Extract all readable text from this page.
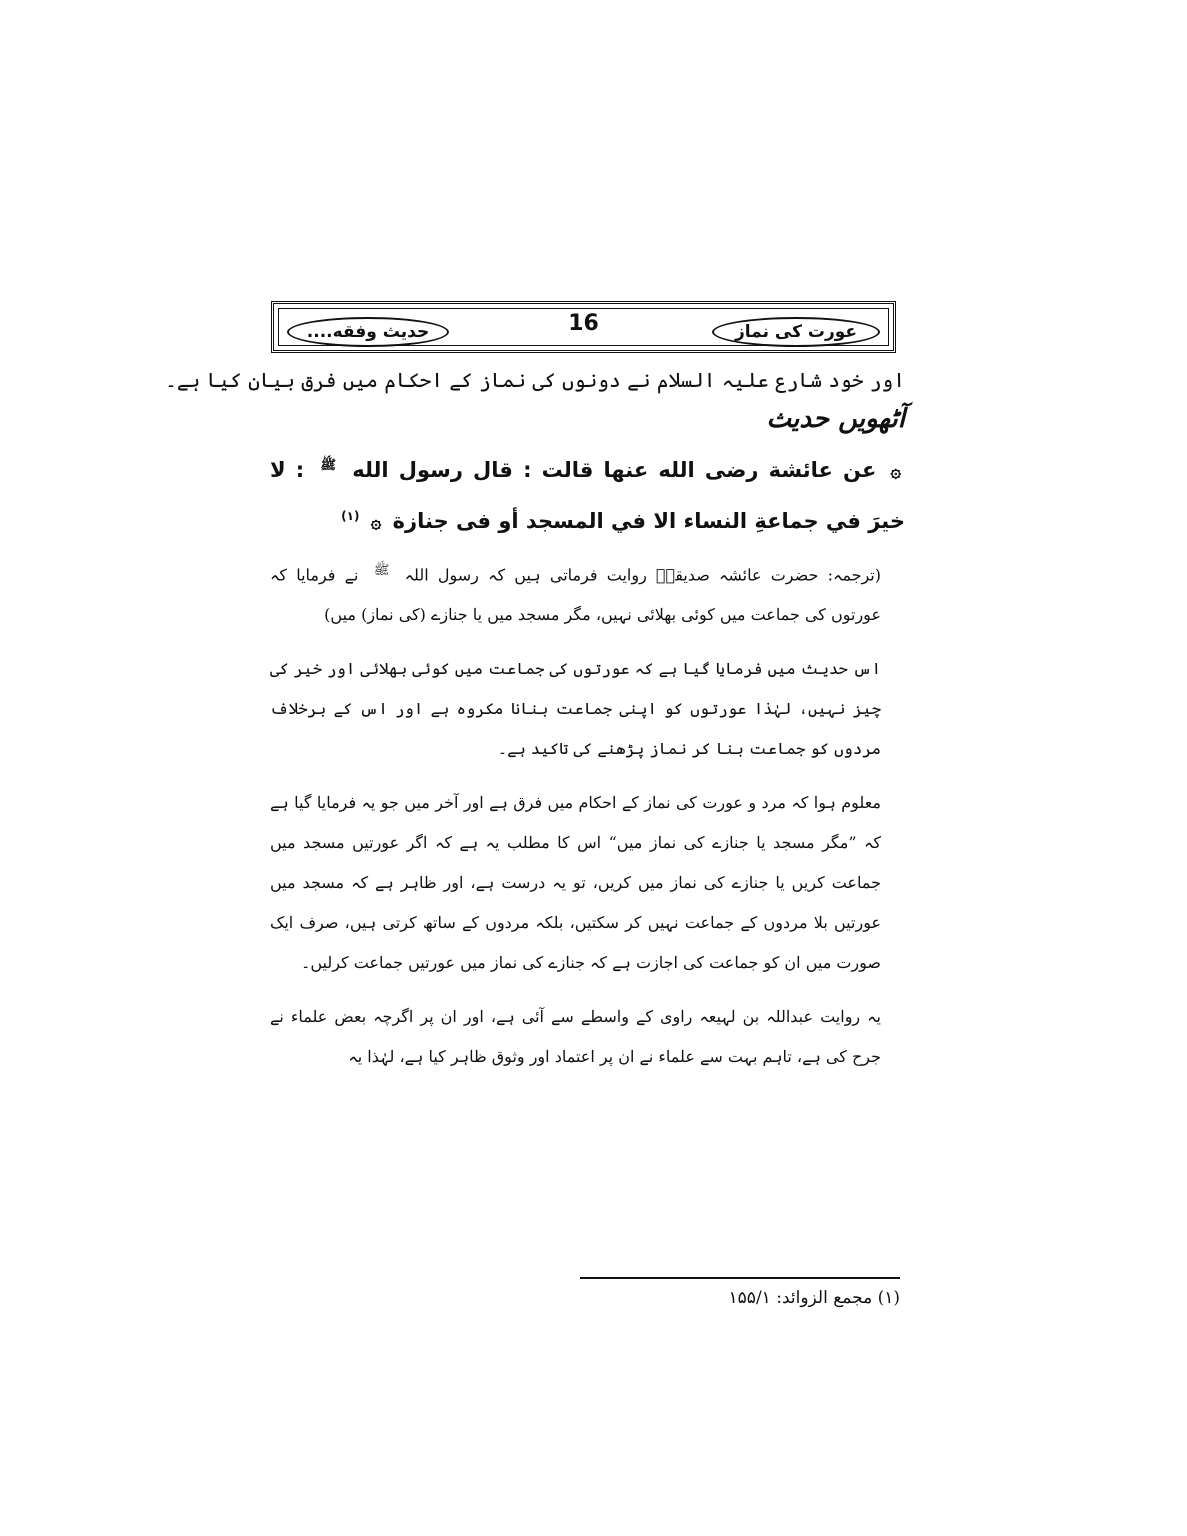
حدیث وفقه....	16	عورت کی نماز
اور خود شارع علیہ السلام نے دونوں کی نماز کے احکام میں فرق بیان کیا ہے۔
آٹھویں حدیث
۞ عن عائشة رضى الله عنها قالت : قال رسول الله $^ﷺ$ : لا خيرَ في جماعةِ النساء الا في المسجد أو فى جنازة ۞ $^{(۱)}$
(ترجمہ: حضرت عائشہ صدیقہؓ روایت فرماتی ہیں کہ رسول اللہ $^ﷺ$ نے فرمایا کہ عورتوں کی جماعت میں کوئی بھلائی نہیں، مگر مسجد میں یا جنازے (کی نماز) میں)
اس حدیث میں فرمایا گیا ہے کہ عورتوں کی جماعت میں کوئی بھلائی اور خیر کی چیز نہیں، لہٰذا عورتوں کو اپنی جماعت بنانا مکروہ ہے اور اس کے برخلاف مردوں کو جماعت بنا کر نماز پڑھنے کی تاکید ہے۔
معلوم ہوا کہ مرد و عورت کی نماز کے احکام میں فرق ہے اور آخر میں جو یہ فرمایا گیا ہے کہ ”مگر مسجد یا جنازے کی نماز میں“ اس کا مطلب یہ ہے کہ اگر عورتیں مسجد میں جماعت کریں یا جنازے کی نماز میں کریں، تو یہ درست ہے، اور ظاہر ہے کہ مسجد میں عورتیں بلا مردوں کے جماعت نہیں کر سکتیں، بلکہ مردوں کے ساتھ کرتی ہیں، صرف ایک صورت میں ان کو جماعت کی اجازت ہے کہ جنازے کی نماز میں عورتیں جماعت کرلیں۔
یہ روایت عبداللہ بن لہیعہ راوی کے واسطے سے آئی ہے، اور ان پر اگرچہ بعض علماء نے جرح کی ہے، تاہم بہت سے علماء نے ان پر اعتماد اور وثوق ظاہر کیا ہے، لہٰذا یہ
(۱) مجمع الزوائد: ۱۵۵/۱
